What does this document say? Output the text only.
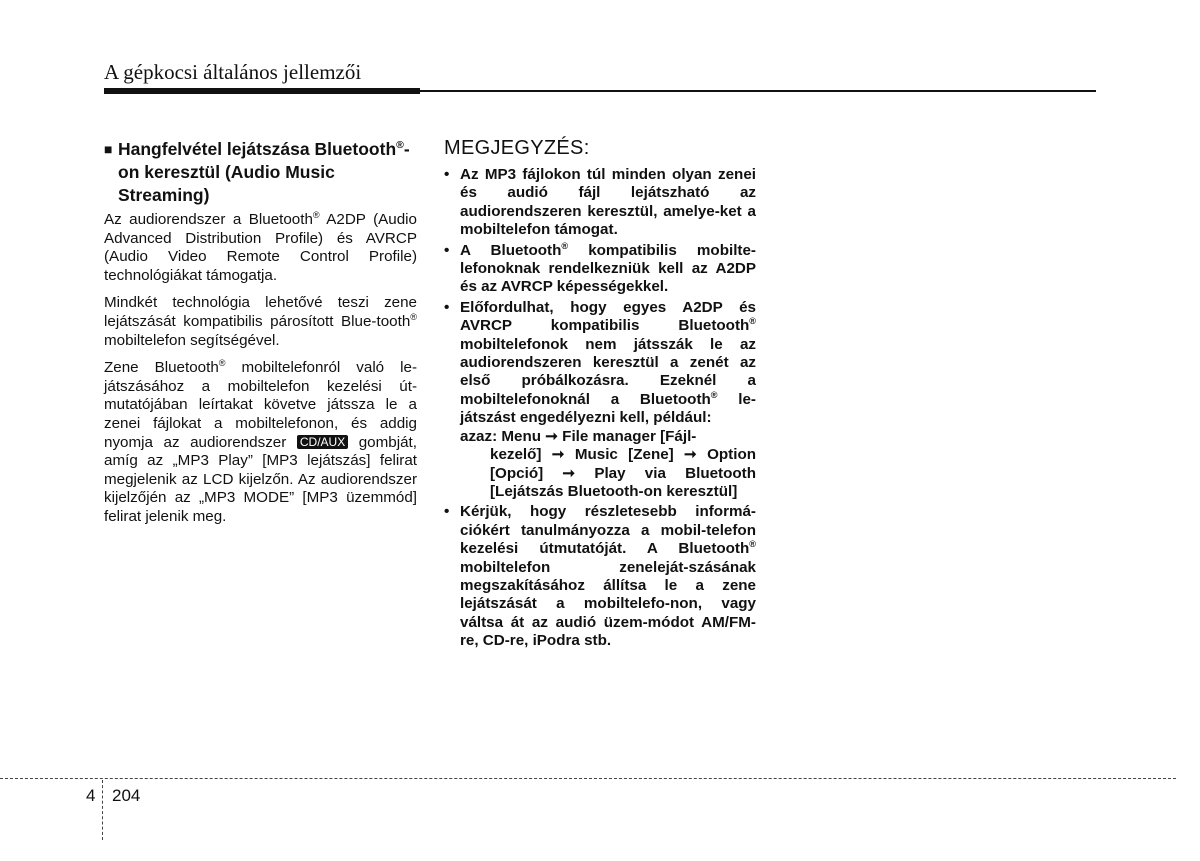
A gépkocsi általános jellemzői
■ Hangfelvétel lejátszása Bluetooth®-on keresztül (Audio Music Streaming)

Az audiorendszer a Bluetooth® A2DP (Audio Advanced Distribution Profile) és AVRCP (Audio Video Remote Control Profile) technológiákat támogatja.

Mindkét technológia lehetővé teszi zene lejátszását kompatibilis párosított Blue-tooth® mobiltelefon segítségével.

Zene Bluetooth® mobiltelefonról való le-játszásához a mobiltelefon kezelési út-mutatójában leírtakat követve játssza le a zenei fájlokat a mobiltelefonon, és addig nyomja az audiorendszer CD/AUX gombját, amíg az „MP3 Play” [MP3 lejátszás] felirat megjelenik az LCD kijelzőn. Az audiorendszer kijelzőjén az „MP3 MODE” [MP3 üzemmód] felirat jelenik meg.

MEGJEGYZÉS:
• Az MP3 fájlokon túl minden olyan zenei és audió fájl lejátszható az audiorendszeren keresztül, amelye-ket a mobiltelefon támogat.
• A Bluetooth® kompatibilis mobilte-lefonoknak rendelkezniük kell az A2DP és az AVRCP képességekkel.
• Előfordulhat, hogy egyes A2DP és AVRCP kompatibilis Bluetooth® mobiltelefonok nem játsszák le az audiorendszeren keresztül a zenét az első próbálkozásra. Ezeknél a mobiltelefonoknál a Bluetooth® le-játszást engedélyezni kell, például:
azaz: Menu ➞ File manager [Fájl-
kezelő] ➞ Music [Zene] ➞ Option [Opció] ➞ Play via Bluetooth [Lejátszás Bluetooth-on keresztül]
• Kérjük, hogy részletesebb informá-ciókért tanulmányozza a mobil-telefon kezelési útmutatóját. A Bluetooth® mobiltelefon zeneleját-szásának megszakításához állítsa le a zene lejátszását a mobiltelefo-non, vagy váltsa át az audió üzem-módot AM/FM-re, CD-re, iPodra stb.
4 204
